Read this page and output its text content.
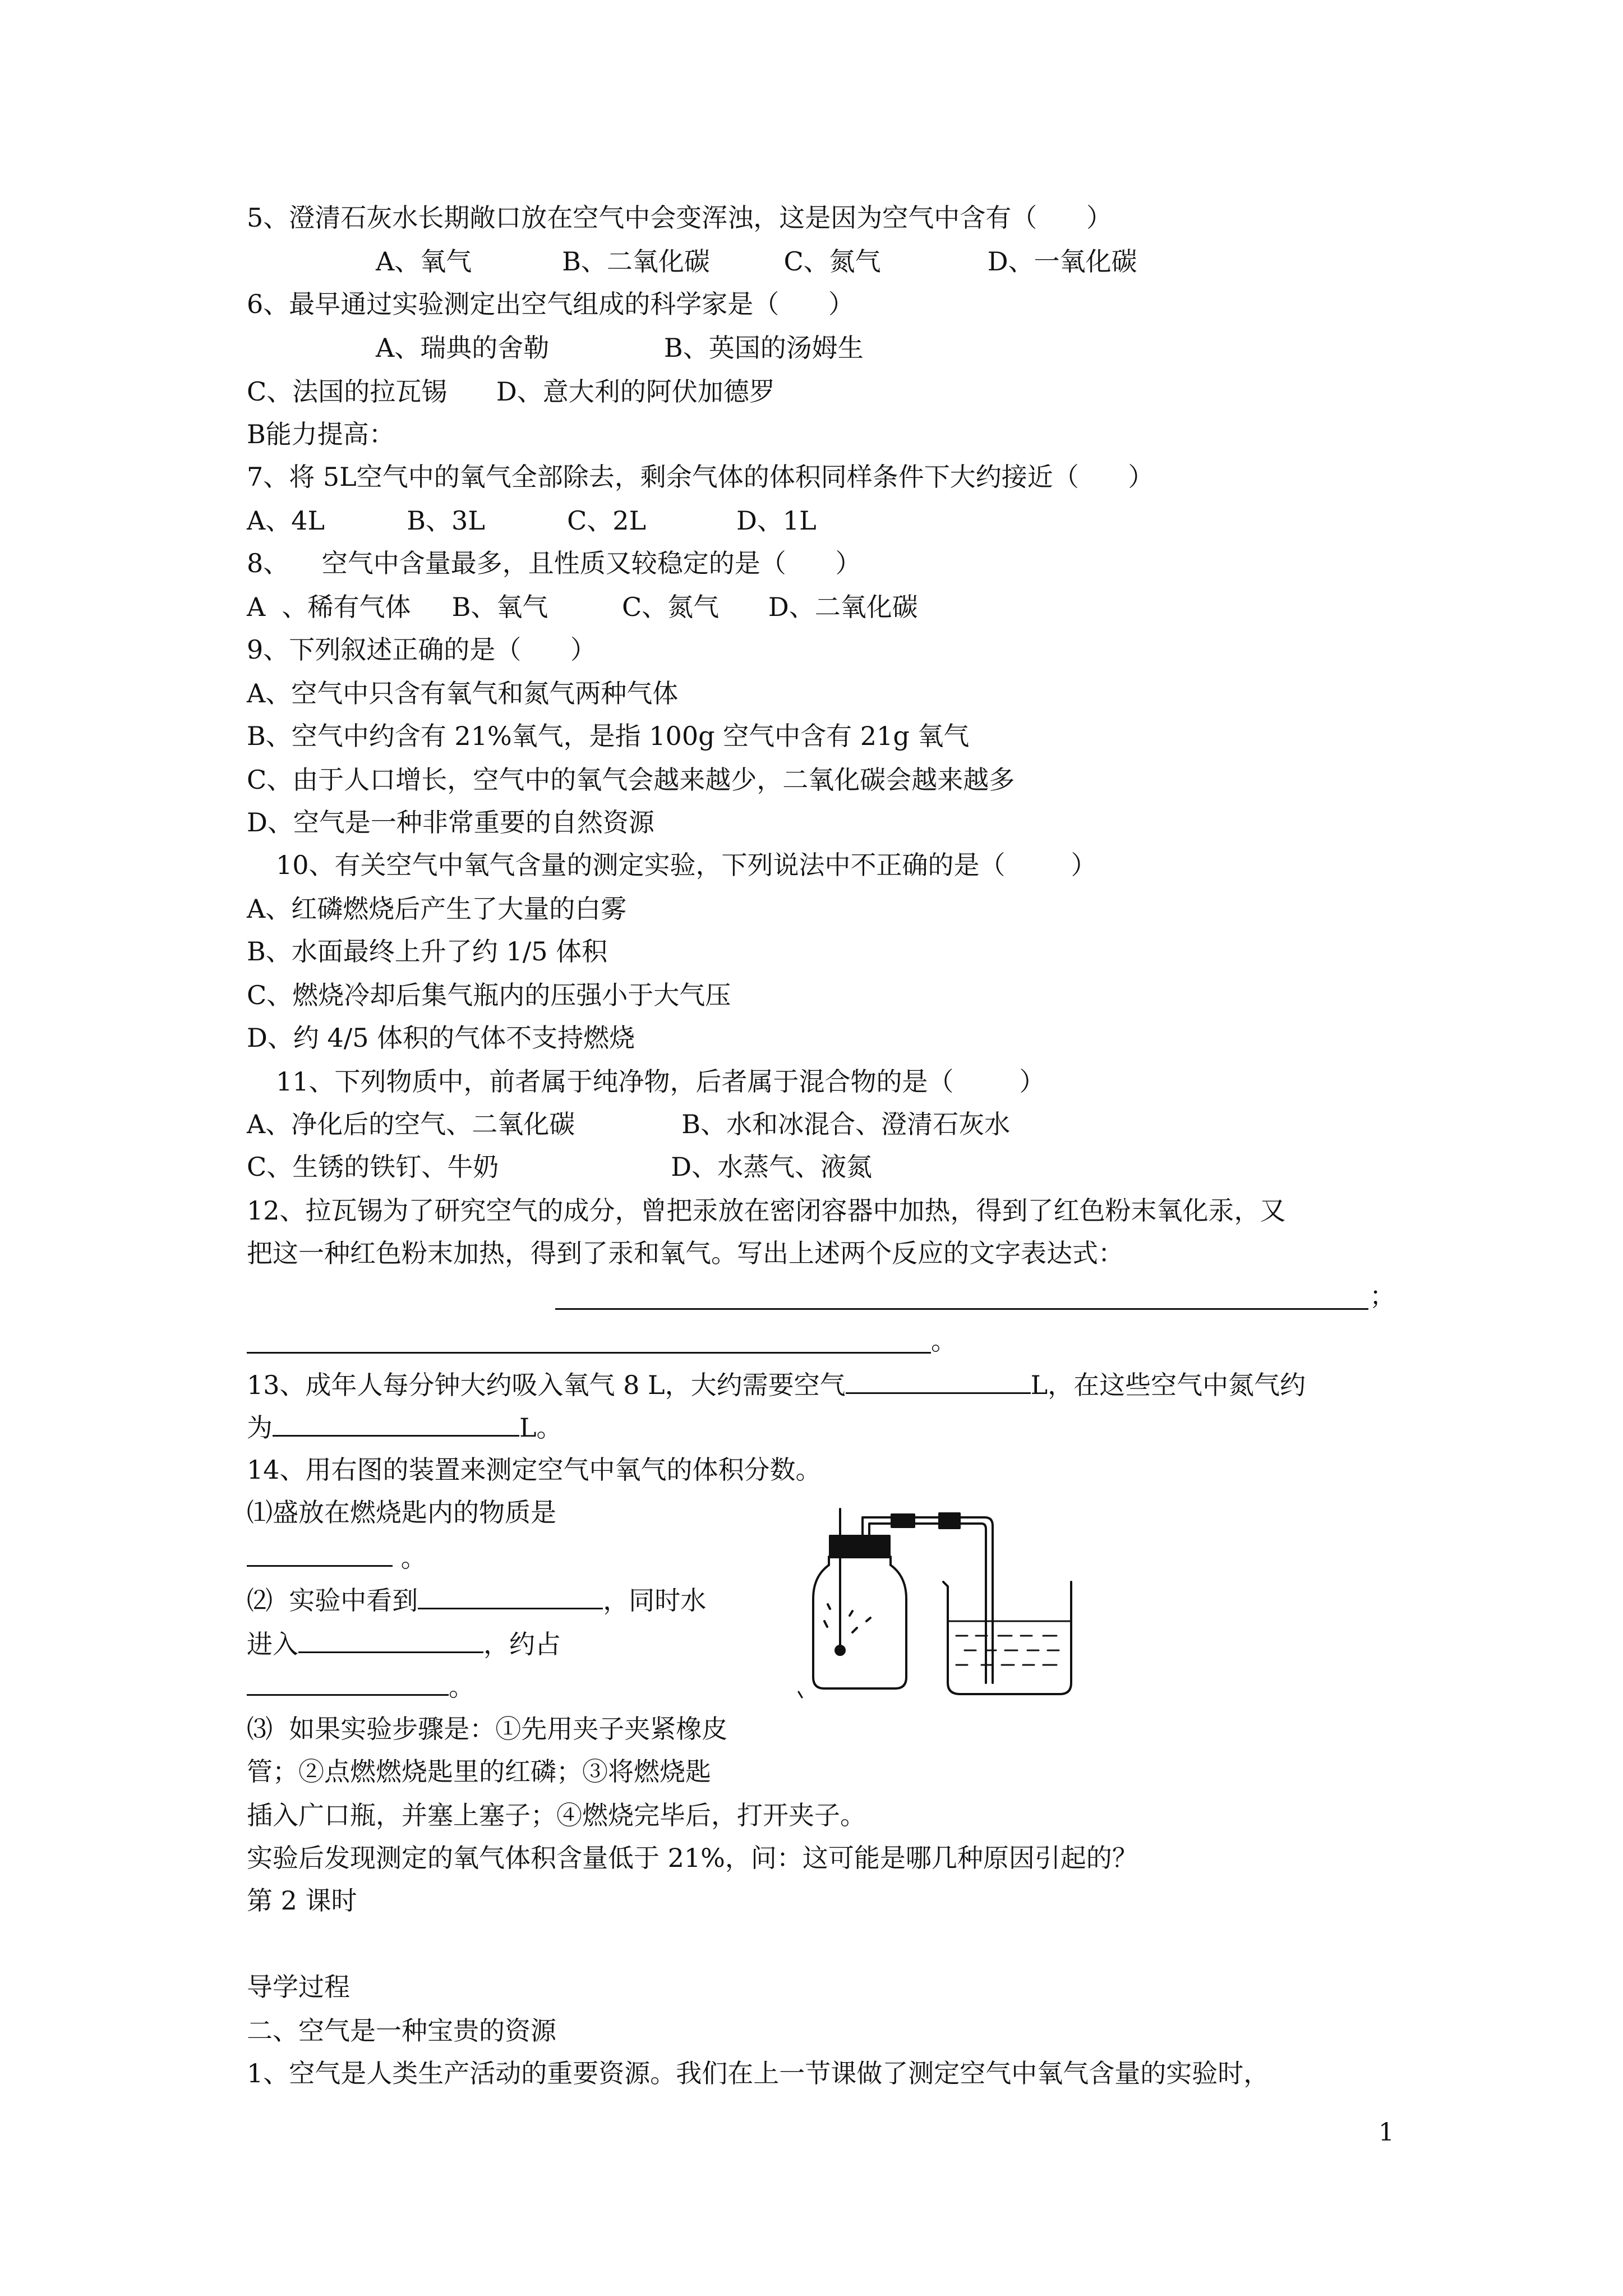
5、澄清石灰水长期敞口放在空气中会变浑浊，这是因为空气中含有（      ）
A、氧气           B、二氧化碳         C、氮气             D、一氧化碳
6、最早通过实验测定出空气组成的科学家是（      ）
A、瑞典的舍勒              B、英国的汤姆生
C、法国的拉瓦锡      D、意大利的阿伏加德罗
B能力提高：
7、将 5L空气中的氧气全部除去，剩余气体的体积同样条件下大约接近（      ）
A、4L          B、3L          C、2L           D、1L
8、    空气中含量最多，且性质又较稳定的是（      ）
A  、稀有气体     B、氧气         C、氮气      D、二氧化碳
9、下列叙述正确的是（      ）
A、空气中只含有氧气和氮气两种气体
B、空气中约含有 21%氧气，是指 100g 空气中含有 21g 氧气
C、由于人口增长，空气中的氧气会越来越少，二氧化碳会越来越多
D、空气是一种非常重要的自然资源
10、有关空气中氧气含量的测定实验，下列说法中不正确的是（        ）
A、红磷燃烧后产生了大量的白雾
B、水面最终上升了约 1/5 体积
C、燃烧冷却后集气瓶内的压强小于大气压
D、约 4/5 体积的气体不支持燃烧
11、下列物质中，前者属于纯净物，后者属于混合物的是（        ）
A、净化后的空气、二氧化碳             B、水和冰混合、澄清石灰水
C、生锈的铁钉、牛奶                     D、水蒸气、液氮
12、拉瓦锡为了研究空气的成分，曾把汞放在密闭容器中加热，得到了红色粉末氧化汞，又
把这一种红色粉末加热，得到了汞和氧气。写出上述两个反应的文字表达式：
；
。
13、成年人每分钟大约吸入氧气 8 L，大约需要空气	L，在这些空气中氮气约
为	L。
14、用右图的装置来测定空气中氧气的体积分数。
⑴盛放在燃烧匙内的物质是
。
⑵  实验中看到	，同时水
进入	，约占
。
⑶  如果实验步骤是：①先用夹子夹紧橡皮
管；②点燃燃烧匙里的红磷；③将燃烧匙
插入广口瓶，并塞上塞子；④燃烧完毕后，打开夹子。
实验后发现测定的氧气体积含量低于 21%，问：这可能是哪几种原因引起的？
第 2 课时
导学过程
二、空气是一种宝贵的资源
1、空气是人类生产活动的重要资源。我们在上一节课做了测定空气中氧气含量的实验时，
1
